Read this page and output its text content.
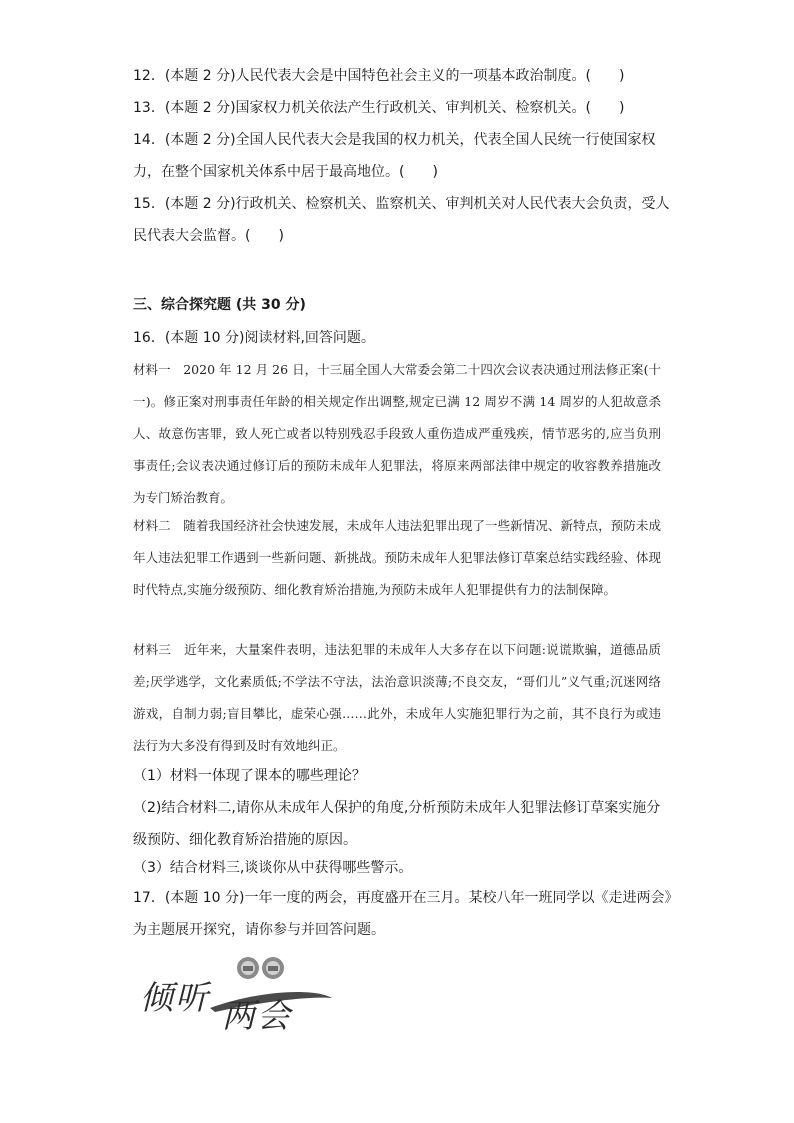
12．(本题 2 分)人民代表大会是中国特色社会主义的一项基本政治制度。(　　)
13．(本题 2 分)国家权力机关依法产生行政机关、审判机关、检察机关。(　　)
14．(本题 2 分)全国人民代表大会是我国的权力机关，代表全国人民统一行使国家权力，在整个国家机关体系中居于最高地位。(　　)
15．(本题 2 分)行政机关、检察机关、监察机关、审判机关对人民代表大会负责，受人民代表大会监督。(　　)
三、综合探究题 (共 30 分)
16．(本题 10 分)阅读材料,回答问题。
材料一　2020 年 12 月 26 日，十三届全国人大常委会第二十四次会议表决通过刑法修正案(十一)。修正案对刑事责任年龄的相关规定作出调整,规定已满 12 周岁不满 14 周岁的人犯故意杀人、故意伤害罪，致人死亡或者以特别残忍手段致人重伤造成严重残疾，情节恶劣的,应当负刑事责任;会议表决通过修订后的预防未成年人犯罪法，将原来两部法律中规定的收容教养措施改为专门矫治教育。
材料二　随着我国经济社会快速发展，未成年人违法犯罪出现了一些新情况、新特点，预防未成年人违法犯罪工作遇到一些新问题、新挑战。预防未成年人犯罪法修订草案总结实践经验、体现时代特点,实施分级预防、细化教育矫治措施,为预防未成年人犯罪提供有力的法制保障。
材料三　近年来，大量案件表明，违法犯罪的未成年人大多存在以下问题:说谎欺骗，道德品质差;厌学逃学，文化素质低;不学法不守法，法治意识淡薄;不良交友，“哥们儿”义气重;沉迷网络游戏，自制力弱;盲目攀比，虚荣心强……此外，未成年人实施犯罪行为之前，其不良行为或违法行为大多没有得到及时有效地纠正。
（1）材料一体现了课本的哪些理论？
（2)结合材料二,请你从未成年人保护的角度,分析预防未成年人犯罪法修订草案实施分级预防、细化教育矫治措施的原因。
（3）结合材料三,谈谈你从中获得哪些警示。
17．(本题 10 分)一年一度的两会，再度盛开在三月。某校八年一班同学以《走进两会》为主题展开探究，请你参与并回答问题。
倾听 两会
